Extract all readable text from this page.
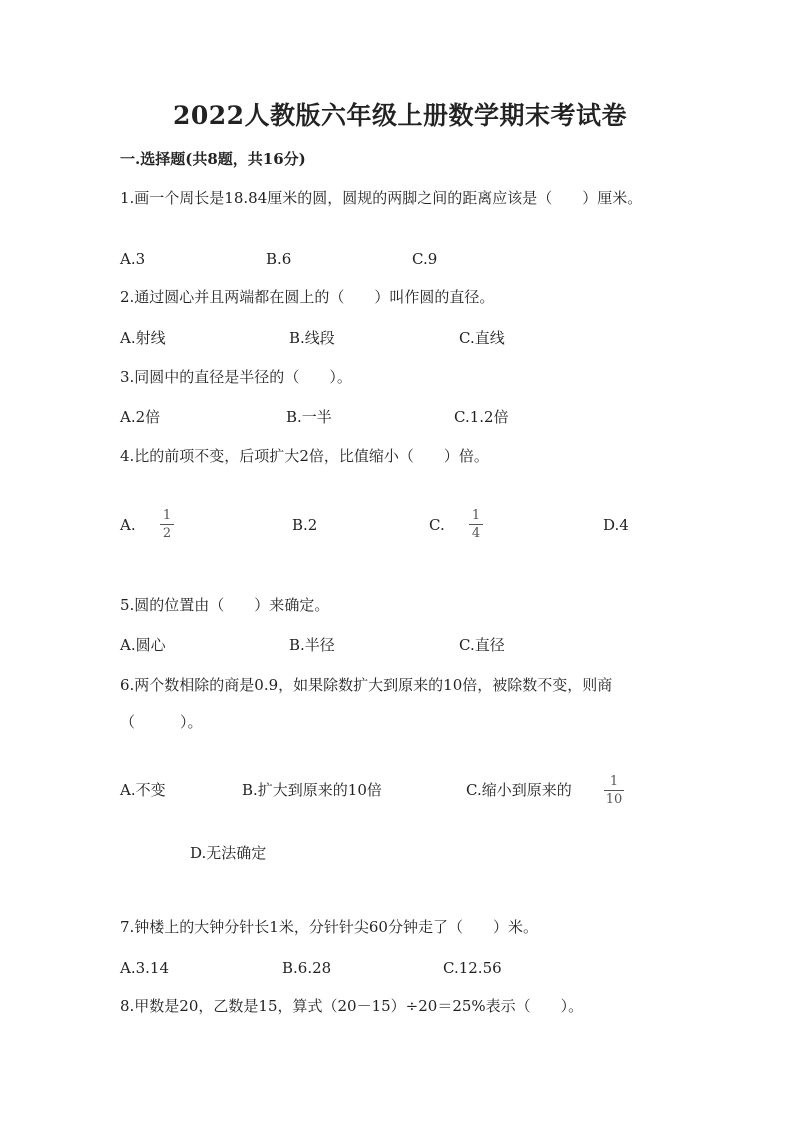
2022人教版六年级上册数学期末考试卷
一.选择题(共8题，共16分)
1.画一个周长是18.84厘米的圆，圆规的两脚之间的距离应该是（　　）厘米。
A.3	B.6	C.9
2.通过圆心并且两端都在圆上的（　　）叫作圆的直径。
A.射线	B.线段	C.直线
3.同圆中的直径是半径的（　　）。
A.2倍	B.一半	C.1.2倍
4.比的前项不变，后项扩大2倍，比值缩小（　　）倍。
A.
1
2	B.2	C.
1
4	D.4
5.圆的位置由（　　）来确定。
A.圆心	B.半径	C.直径
6.两个数相除的商是0.9，如果除数扩大到原来的10倍，被除数不变，则商
（　　　）。
A.不变	B.扩大到原来的10倍	C.缩小到原来的	1
10
D.无法确定
7.钟楼上的大钟分针长1米，分针针尖60分钟走了（　　）米。
A.3.14	B.6.28	C.12.56
8.甲数是20，乙数是15，算式（20－15）÷20＝25%表示（　　）。
